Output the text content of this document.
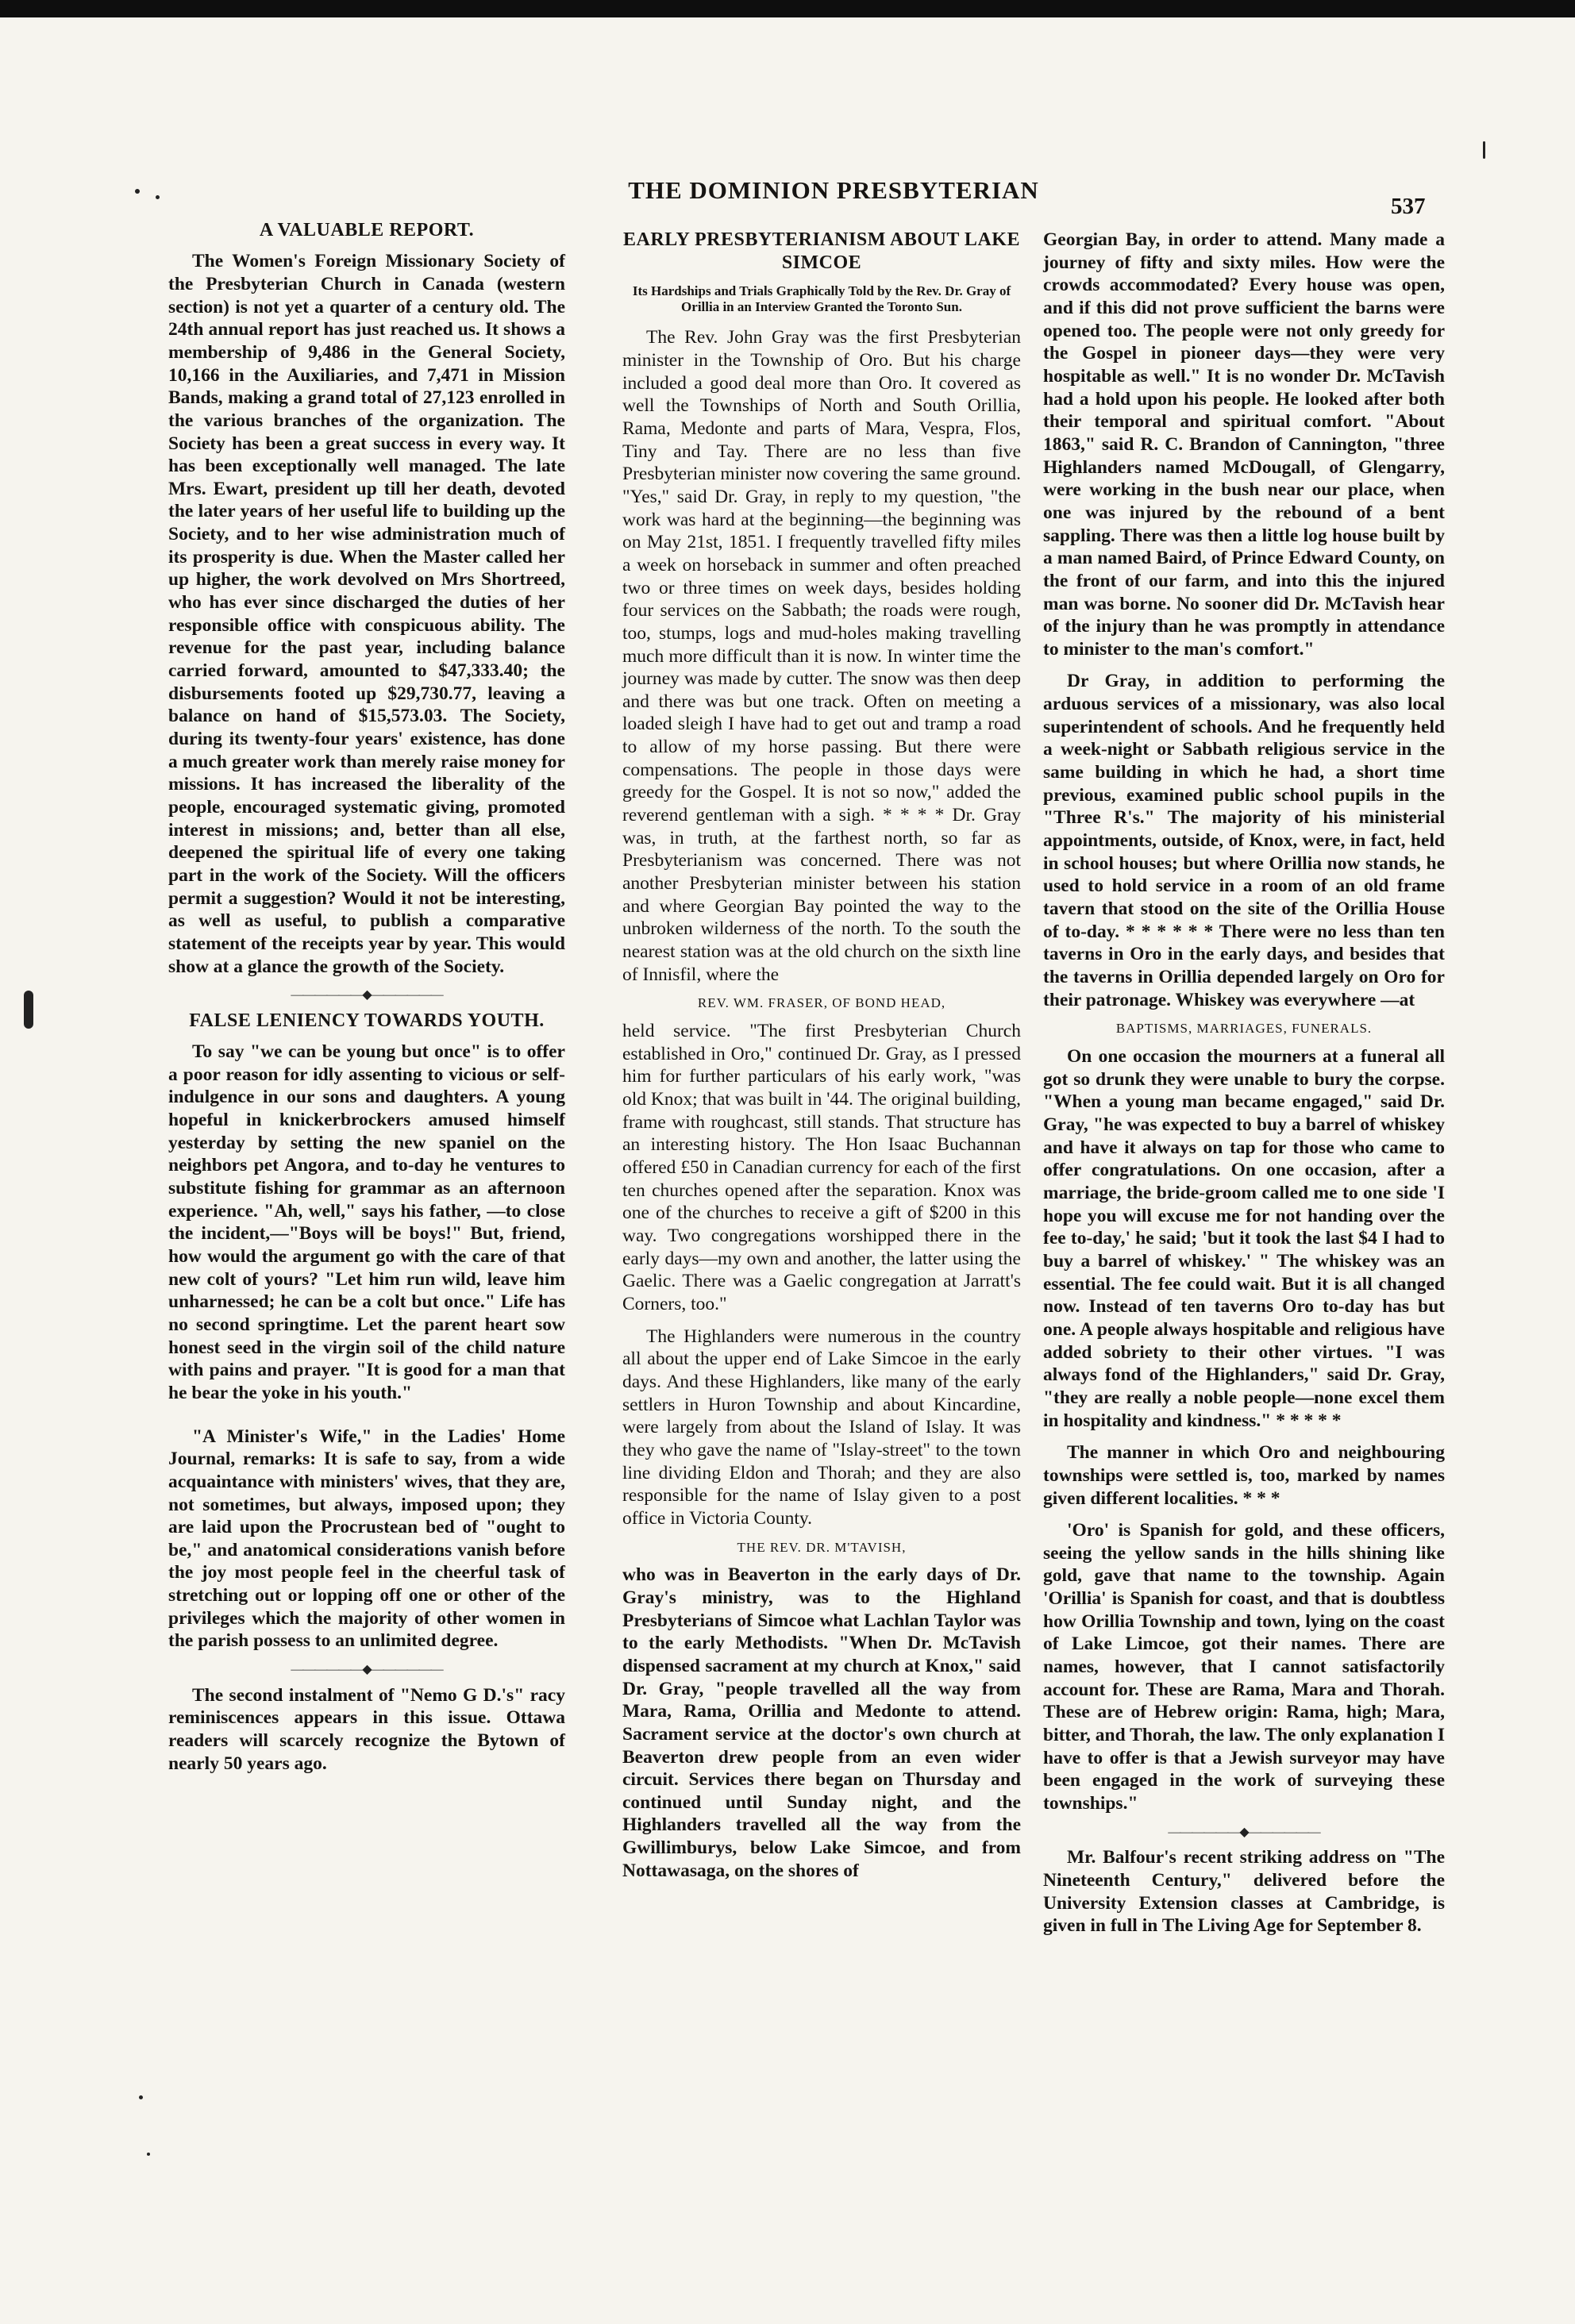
THE DOMINION PRESBYTERIAN
537
A VALUABLE REPORT.

The Women's Foreign Missionary Society of the Presbyterian Church in Canada (western section) is not yet a quarter of a century old. The 24th annual report has just reached us. It shows a membership of 9,486 in the General Society, 10,166 in the Auxiliaries, and 7,471 in Mission Bands, making a grand total of 27,123 enrolled in the various branches of the organization. The Society has been a great success in every way. It has been exceptionally well managed. The late Mrs. Ewart, president up till her death, devoted the later years of her useful life to building up the Society, and to her wise administration much of its prosperity is due. When the Master called her up higher, the work devolved on Mrs Shortreed, who has ever since discharged the duties of her responsible office with conspicuous ability. The revenue for the past year, including balance carried forward, amounted to $47,333.40; the disbursements footed up $29,730.77, leaving a balance on hand of $15,573.03. The Society, during its twenty-four years' existence, has done a much greater work than merely raise money for missions. It has increased the liberality of the people, encouraged systematic giving, promoted interest in missions; and, better than all else, deepened the spiritual life of every one taking part in the work of the Society. Will the officers permit a suggestion? Would it not be interesting, as well as useful, to publish a comparative statement of the receipts year by year. This would show at a glance the growth of the Society.

——————◆——————
FALSE LENIENCY TOWARDS YOUTH.

To say "we can be young but once" is to offer a poor reason for idly assenting to vicious or self-indulgence in our sons and daughters. A young hopeful in knickerbrockers amused himself yesterday by setting the new spaniel on the neighbors pet Angora, and to-day he ventures to substitute fishing for grammar as an afternoon experience. "Ah, well," says his father, —to close the incident,—"Boys will be boys!" But, friend, how would the argument go with the care of that new colt of yours? "Let him run wild, leave him unharnessed; he can be a colt but once." Life has no second springtime. Let the parent heart sow honest seed in the virgin soil of the child nature with pains and prayer. "It is good for a man that he bear the yoke in his youth."

"A Minister's Wife," in the Ladies' Home Journal, remarks: It is safe to say, from a wide acquaintance with ministers' wives, that they are, not sometimes, but always, imposed upon; they are laid upon the Procrustean bed of "ought to be," and anatomical considerations vanish before the joy most people feel in the cheerful task of stretching out or lopping off one or other of the privileges which the majority of other women in the parish possess to an unlimited degree.

——————◆——————

The second instalment of "Nemo G D.'s" racy reminiscences appears in this issue. Ottawa readers will scarcely recognize the Bytown of nearly 50 years ago.

EARLY PRESBYTERIANISM ABOUT LAKE SIMCOE
Its Hardships and Trials Graphically Told by the Rev. Dr. Gray of Orillia in an Interview Granted the Toronto Sun.

The Rev. John Gray was the first Presbyterian minister in the Township of Oro. But his charge included a good deal more than Oro. It covered as well the Townships of North and South Orillia, Rama, Medonte and parts of Mara, Vespra, Flos, Tiny and Tay. There are no less than five Presbyterian minister now covering the same ground. "Yes," said Dr. Gray, in reply to my question, "the work was hard at the beginning—the beginning was on May 21st, 1851. I frequently travelled fifty miles a week on horseback in summer and often preached two or three times on week days, besides holding four services on the Sabbath; the roads were rough, too, stumps, logs and mud-holes making travelling much more difficult than it is now. In winter time the journey was made by cutter. The snow was then deep and there was but one track. Often on meeting a loaded sleigh I have had to get out and tramp a road to allow of my horse passing. But there were compensations. The people in those days were greedy for the Gospel. It is not so now," added the reverend gentleman with a sigh. * * * * Dr. Gray was, in truth, at the farthest north, so far as Presbyterianism was concerned. There was not another Presbyterian minister between his station and where Georgian Bay pointed the way to the unbroken wilderness of the north. To the south the nearest station was at the old church on the sixth line of Innisfil, where the

REV. WM. FRASER, OF BOND HEAD,

held service. "The first Presbyterian Church established in Oro," continued Dr. Gray, as I pressed him for further particulars of his early work, "was old Knox; that was built in '44. The original building, frame with roughcast, still stands. That structure has an interesting history. The Hon Isaac Buchannan offered £50 in Canadian currency for each of the first ten churches opened after the separation. Knox was one of the churches to receive a gift of $200 in this way. Two congregations worshipped there in the early days—my own and another, the latter using the Gaelic. There was a Gaelic congregation at Jarratt's Corners, too."

The Highlanders were numerous in the country all about the upper end of Lake Simcoe in the early days. And these Highlanders, like many of the early settlers in Huron Township and about Kincardine, were largely from about the Island of Islay. It was they who gave the name of "Islay-street" to the town line dividing Eldon and Thorah; and they are also responsible for the name of Islay given to a post office in Victoria County.

THE REV. DR. M'TAVISH,

who was in Beaverton in the early days of Dr. Gray's ministry, was to the Highland Presbyterians of Simcoe what Lachlan Taylor was to the early Methodists. "When Dr. McTavish dispensed sacrament at my church at Knox," said Dr. Gray, "people travelled all the way from Mara, Rama, Orillia and Medonte to attend. Sacrament service at the doctor's own church at Beaverton drew people from an even wider circuit. Services there began on Thursday and continued until Sunday night, and the Highlanders travelled all the way from the Gwillimburys, below Lake Simcoe, and from Nottawasaga, on the shores of

Georgian Bay, in order to attend. Many made a journey of fifty and sixty miles. How were the crowds accommodated? Every house was open, and if this did not prove sufficient the barns were opened too. The people were not only greedy for the Gospel in pioneer days—they were very hospitable as well." It is no wonder Dr. McTavish had a hold upon his people. He looked after both their temporal and spiritual comfort. "About 1863," said R. C. Brandon of Cannington, "three Highlanders named McDougall, of Glengarry, were working in the bush near our place, when one was injured by the rebound of a bent sappling. There was then a little log house built by a man named Baird, of Prince Edward County, on the front of our farm, and into this the injured man was borne. No sooner did Dr. McTavish hear of the injury than he was promptly in attendance to minister to the man's comfort."

Dr Gray, in addition to performing the arduous services of a missionary, was also local superintendent of schools. And he frequently held a week-night or Sabbath religious service in the same building in which he had, a short time previous, examined public school pupils in the "Three R's." The majority of his ministerial appointments, outside, of Knox, were, in fact, held in school houses; but where Orillia now stands, he used to hold service in a room of an old frame tavern that stood on the site of the Orillia House of to-day. * * * * * * There were no less than ten taverns in Oro in the early days, and besides that the taverns in Orillia depended largely on Oro for their patronage. Whiskey was everywhere —at

BAPTISMS, MARRIAGES, FUNERALS.

On one occasion the mourners at a funeral all got so drunk they were unable to bury the corpse. "When a young man became engaged," said Dr. Gray, "he was expected to buy a barrel of whiskey and have it always on tap for those who came to offer congratulations. On one occasion, after a marriage, the bride-groom called me to one side 'I hope you will excuse me for not handing over the fee to-day,' he said; 'but it took the last $4 I had to buy a barrel of whiskey.' " The whiskey was an essential. The fee could wait. But it is all changed now. Instead of ten taverns Oro to-day has but one. A people always hospitable and religious have added sobriety to their other virtues. "I was always fond of the Highlanders," said Dr. Gray, "they are really a noble people—none excel them in hospitality and kindness." * * * * *

The manner in which Oro and neighbouring townships were settled is, too, marked by names given different localities. * * *

'Oro' is Spanish for gold, and these officers, seeing the yellow sands in the hills shining like gold, gave that name to the township. Again 'Orillia' is Spanish for coast, and that is doubtless how Orillia Township and town, lying on the coast of Lake Limcoe, got their names. There are names, however, that I cannot satisfactorily account for. These are Rama, Mara and Thorah. These are of Hebrew origin: Rama, high; Mara, bitter, and Thorah, the law. The only explanation I have to offer is that a Jewish surveyor may have been engaged in the work of surveying these townships."

——————◆——————

Mr. Balfour's recent striking address on "The Nineteenth Century," delivered before the University Extension classes at Cambridge, is given in full in The Living Age for September 8.
